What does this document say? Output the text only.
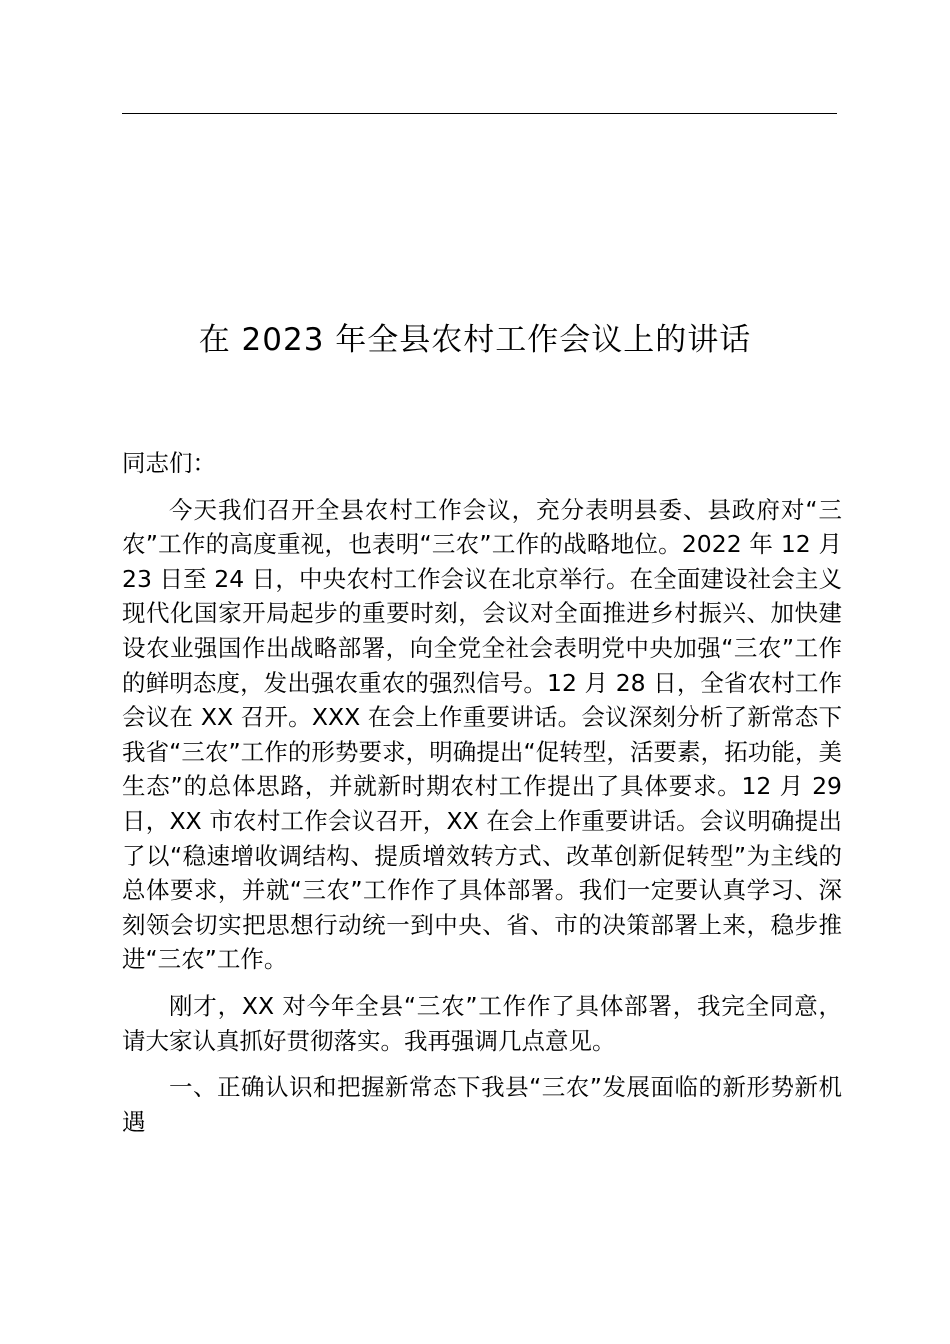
在 2023 年全县农村工作会议上的讲话

同志们：

今天我们召开全县农村工作会议，充分表明县委、县政府对“三农”工作的高度重视，也表明“三农”工作的战略地位。2022 年 12 月 23 日至 24 日，中央农村工作会议在北京举行。在全面建设社会主义现代化国家开局起步的重要时刻，会议对全面推进乡村振兴、加快建设农业强国作出战略部署，向全党全社会表明党中央加强“三农”工作的鲜明态度，发出强农重农的强烈信号。12 月 28 日，全省农村工作会议在 XX 召开。XXX 在会上作重要讲话。会议深刻分析了新常态下我省“三农”工作的形势要求，明确提出“促转型，活要素，拓功能，美生态”的总体思路，并就新时期农村工作提出了具体要求。12 月 29 日，XX 市农村工作会议召开，XX 在会上作重要讲话。会议明确提出了以“稳速增收调结构、提质增效转方式、改革创新促转型”为主线的总体要求，并就“三农”工作作了具体部署。我们一定要认真学习、深刻领会切实把思想行动统一到中央、省、市的决策部署上来，稳步推进“三农”工作。

刚才，XX 对今年全县“三农”工作作了具体部署，我完全同意，请大家认真抓好贯彻落实。我再强调几点意见。

一、正确认识和把握新常态下我县“三农”发展面临的新形势新机遇
